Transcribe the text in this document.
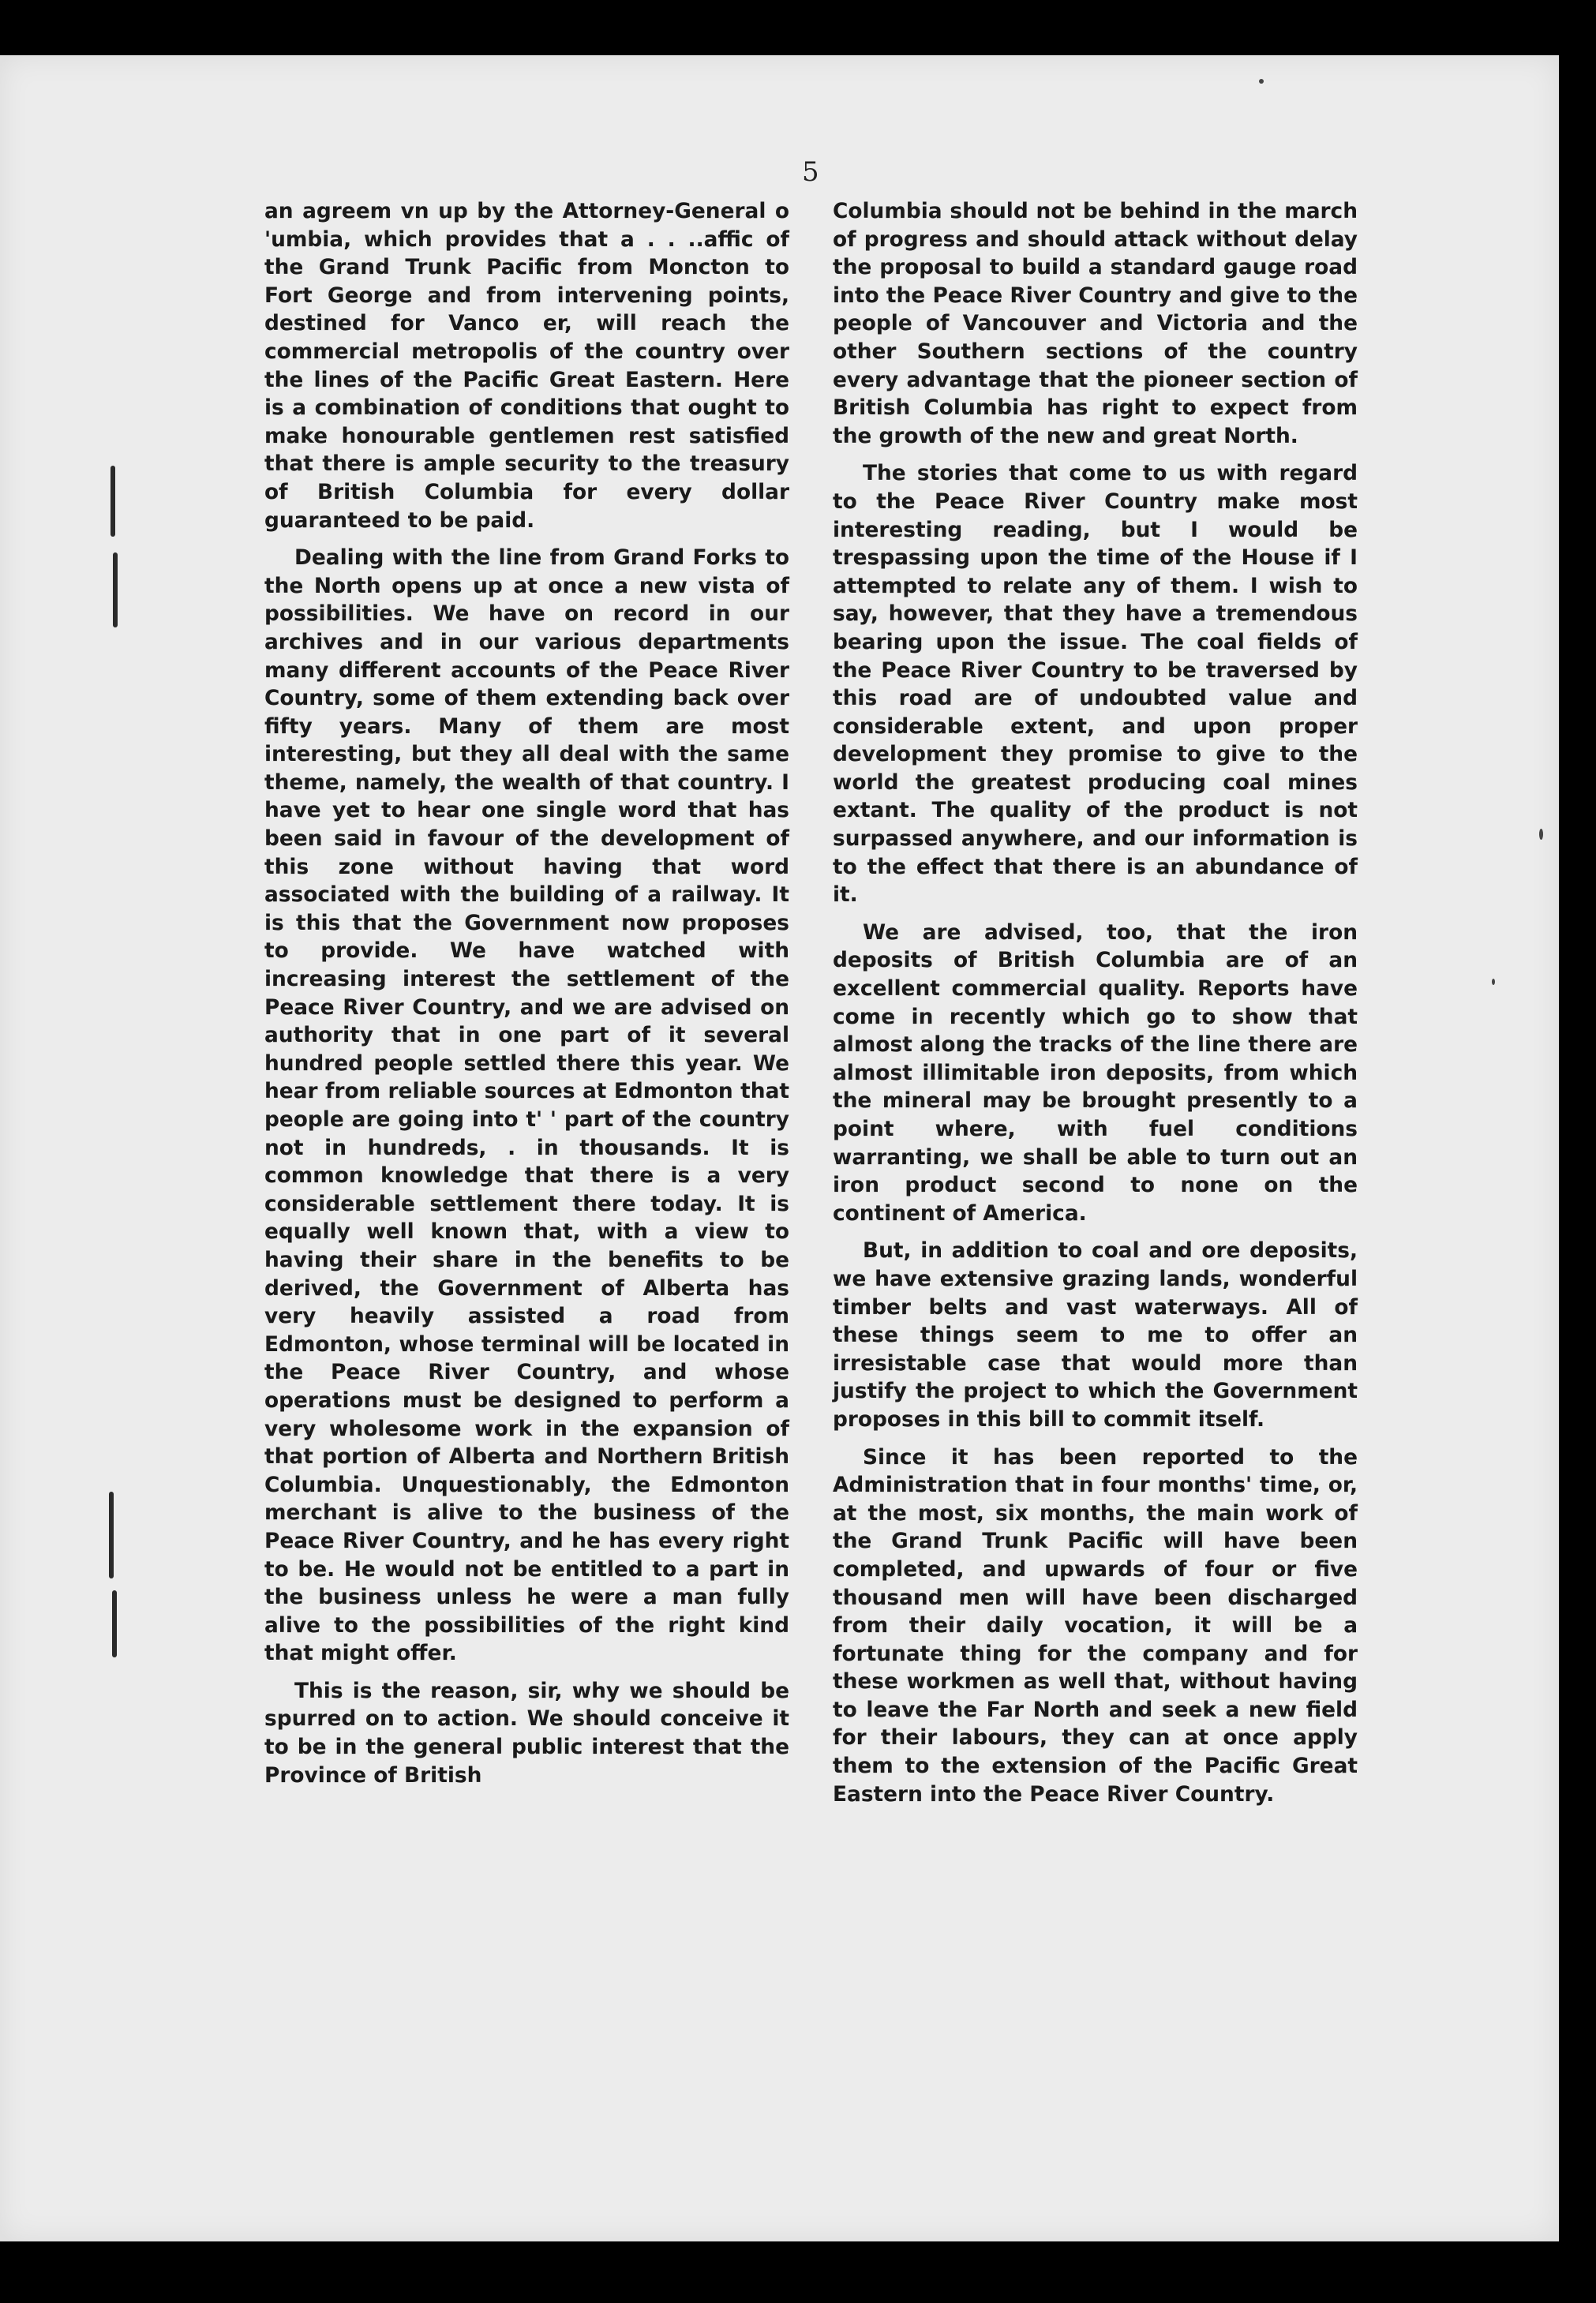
5

an agreem vn up by the Attorney-General o 'umbia, which provides that a . . ..affic of the Grand Trunk Pacific from Moncton to Fort George and from intervening points, destined for Vanco er, will reach the commercial metropolis of the country over the lines of the Pacific Great Eastern. Here is a combination of conditions that ought to make honourable gentlemen rest satisfied that there is ample security to the treasury of British Columbia for every dollar guaranteed to be paid.

Dealing with the line from Grand Forks to the North opens up at once a new vista of possibilities. We have on record in our archives and in our various departments many different accounts of the Peace River Country, some of them extending back over fifty years. Many of them are most interesting, but they all deal with the same theme, namely, the wealth of that country. I have yet to hear one single word that has been said in favour of the development of this zone without having that word associated with the building of a railway. It is this that the Government now proposes to provide. We have watched with increasing interest the settlement of the Peace River Country, and we are advised on authority that in one part of it several hundred people settled there this year. We hear from reliable sources at Edmonton that people are going into t' ' part of the country not in hundreds, . in thousands. It is common knowledge that there is a very considerable settlement there today. It is equally well known that, with a view to having their share in the benefits to be derived, the Government of Alberta has very heavily assisted a road from Edmonton, whose terminal will be located in the Peace River Country, and whose operations must be designed to perform a very wholesome work in the expansion of that portion of Alberta and Northern British Columbia. Unquestionably, the Edmonton merchant is alive to the business of the Peace River Country, and he has every right to be. He would not be entitled to a part in the business unless he were a man fully alive to the possibilities of the right kind that might offer.

This is the reason, sir, why we should be spurred on to action. We should conceive it to be in the general public interest that the Province of British

Columbia should not be behind in the march of progress and should attack without delay the proposal to build a standard gauge road into the Peace River Country and give to the people of Vancouver and Victoria and the other Southern sections of the country every advantage that the pioneer section of British Columbia has right to expect from the growth of the new and great North.

The stories that come to us with regard to the Peace River Country make most interesting reading, but I would be trespassing upon the time of the House if I attempted to relate any of them. I wish to say, however, that they have a tremendous bearing upon the issue. The coal fields of the Peace River Country to be traversed by this road are of undoubted value and considerable extent, and upon proper development they promise to give to the world the greatest producing coal mines extant. The quality of the product is not surpassed anywhere, and our information is to the effect that there is an abundance of it.

We are advised, too, that the iron deposits of British Columbia are of an excellent commercial quality. Reports have come in recently which go to show that almost along the tracks of the line there are almost illimitable iron deposits, from which the mineral may be brought presently to a point where, with fuel conditions warranting, we shall be able to turn out an iron product second to none on the continent of America.

But, in addition to coal and ore deposits, we have extensive grazing lands, wonderful timber belts and vast waterways. All of these things seem to me to offer an irresistable case that would more than justify the project to which the Government proposes in this bill to commit itself.

Since it has been reported to the Administration that in four months' time, or, at the most, six months, the main work of the Grand Trunk Pacific will have been completed, and upwards of four or five thousand men will have been discharged from their daily vocation, it will be a fortunate thing for the company and for these workmen as well that, without having to leave the Far North and seek a new field for their labours, they can at once apply them to the extension of the Pacific Great Eastern into the Peace River Country.
